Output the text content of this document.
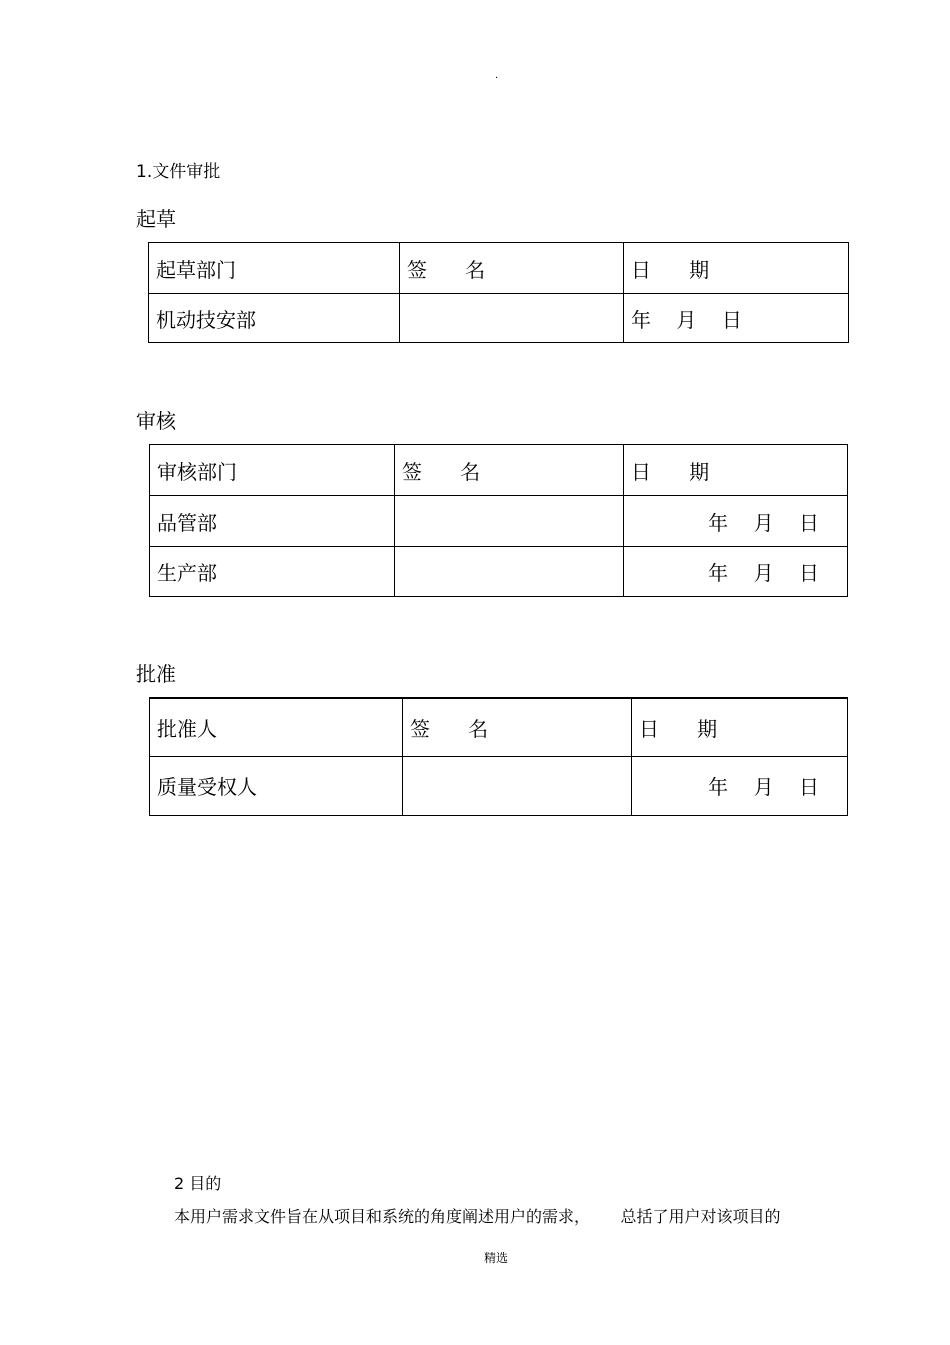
.
1.文件审批
起草
起草部门	签      名	日      期
机动技安部		年    月    日
审核
审核部门	签      名	日      期
品管部		年    月    日
生产部		年    月    日
批准
批准人	签      名	日      期
质量受权人		年    月    日
2 目的
本用户需求文件旨在从项目和系统的角度阐述用户的需求，      总括了用户对该项目的
精选
